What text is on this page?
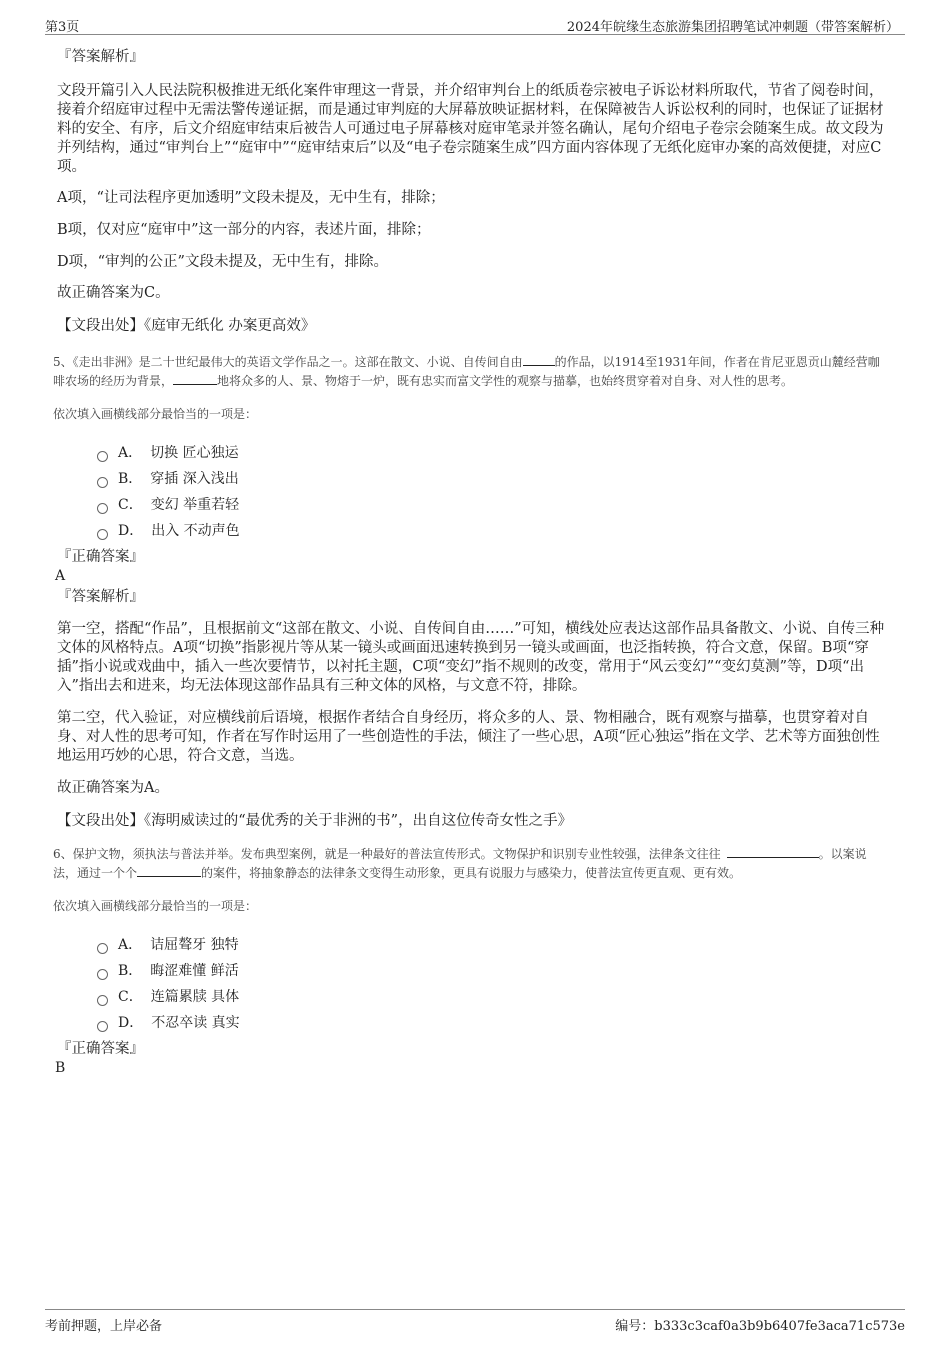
第3页	2024年皖缘生态旅游集团招聘笔试冲刺题（带答案解析）

『答案解析』

文段开篇引入人民法院积极推进无纸化案件审理这一背景，并介绍审判台上的纸质卷宗被电子诉讼材料所取代，节省了阅卷时间，接着介绍庭审过程中无需法警传递证据，而是通过审判庭的大屏幕放映证据材料，在保障被告人诉讼权利的同时，也保证了证据材料的安全、有序，后文介绍庭审结束后被告人可通过电子屏幕核对庭审笔录并签名确认，尾句介绍电子卷宗会随案生成。故文段为并列结构，通过“审判台上”“庭审中”“庭审结束后”以及“电子卷宗随案生成”四方面内容体现了无纸化庭审办案的高效便捷，对应C项。

A项，“让司法程序更加透明”文段未提及，无中生有，排除；

B项，仅对应“庭审中”这一部分的内容，表述片面，排除；

D项，“审判的公正”文段未提及，无中生有，排除。

故正确答案为C。

【文段出处】《庭审无纸化 办案更高效》

5、《走出非洲》是二十世纪最伟大的英语文学作品之一。这部在散文、小说、自传间自由	的作品，以1914至1931年间，作者在肯尼亚恩贡山麓经营咖啡农场的经历为背景，	地将众多的人、景、物熔于一炉，既有忠实而富文学性的观察与描摹，也始终贯穿着对自身、对人性的思考。

依次填入画横线部分最恰当的一项是：

A． 切换 匠心独运
B． 穿插 深入浅出
C． 变幻 举重若轻
D． 出入 不动声色

『正确答案』

A

『答案解析』

第一空，搭配“作品”，且根据前文“这部在散文、小说、自传间自由……”可知，横线处应表达这部作品具备散文、小说、自传三种文体的风格特点。A项“切换”指影视片等从某一镜头或画面迅速转换到另一镜头或画面，也泛指转换，符合文意，保留。B项“穿插”指小说或戏曲中，插入一些次要情节，以衬托主题，C项“变幻”指不规则的改变，常用于“风云变幻”“变幻莫测”等，D项“出入”指出去和进来，均无法体现这部作品具有三种文体的风格，与文意不符，排除。

第二空，代入验证，对应横线前后语境，根据作者结合自身经历，将众多的人、景、物相融合，既有观察与描摹，也贯穿着对自身、对人性的思考可知，作者在写作时运用了一些创造性的手法，倾注了一些心思，A项“匠心独运”指在文学、艺术等方面独创性地运用巧妙的心思，符合文意，当选。

故正确答案为A。

【文段出处】《海明威读过的“最优秀的关于非洲的书”，出自这位传奇女性之手》

6、保护文物，须执法与普法并举。发布典型案例，就是一种最好的普法宣传形式。文物保护和识别专业性较强，法律条文往往	。以案说法，通过一个个	的案件，将抽象静态的法律条文变得生动形象，更具有说服力与感染力，使普法宣传更直观、更有效。

依次填入画横线部分最恰当的一项是：

A． 诘屈聱牙 独特
B． 晦涩难懂 鲜活
C． 连篇累牍 具体
D． 不忍卒读 真实

『正确答案』

B

考前押题，上岸必备	编号：b333c3caf0a3b9b6407fe3aca71c573e
